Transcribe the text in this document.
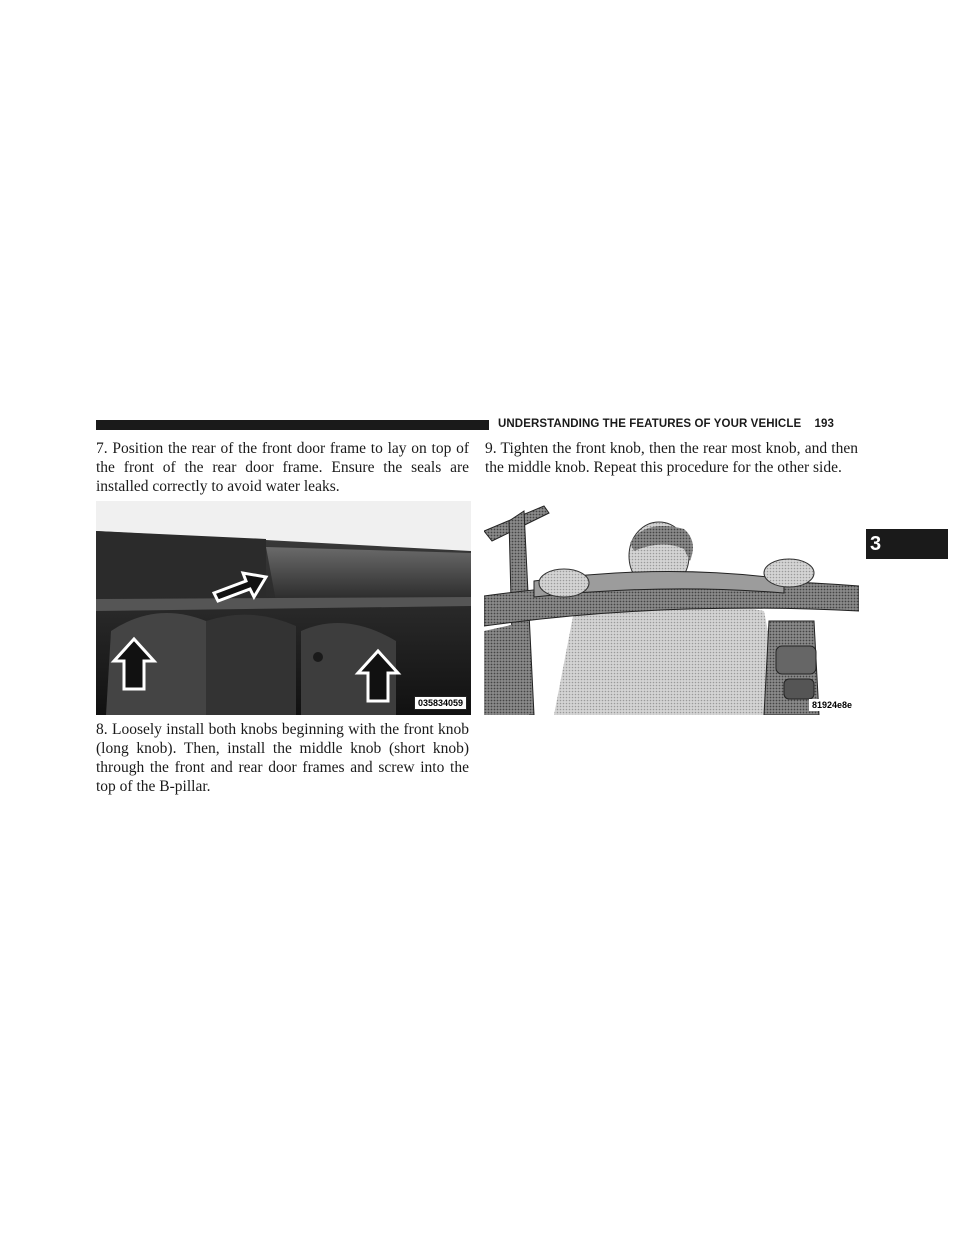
UNDERSTANDING THE FEATURES OF YOUR VEHICLE 193

7. Position the rear of the front door frame to lay on top of the front of the rear door frame. Ensure the seals are installed correctly to avoid water leaks.

035834059

8. Loosely install both knobs beginning with the front knob (long knob). Then, install the middle knob (short knob) through the front and rear door frames and screw into the top of the B-pillar.

9. Tighten the front knob, then the rear most knob, and then the middle knob. Repeat this procedure for the other side.

81924e8e
3
